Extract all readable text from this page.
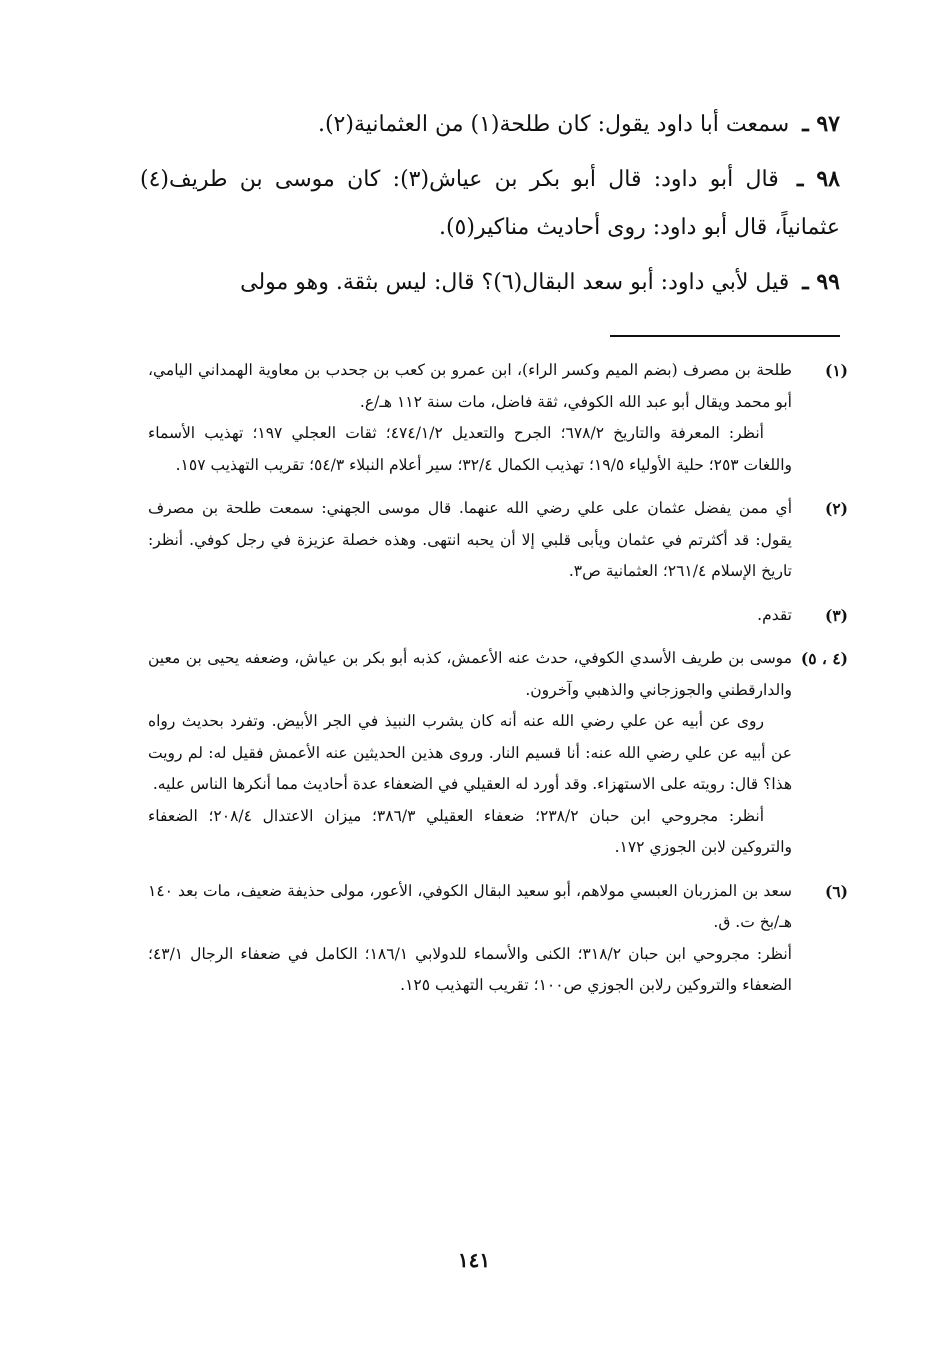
٩٧ ـ سمعت أبا داود يقول: كان طلحة(١) من العثمانية(٢).
٩٨ ـ قال أبو داود: قال أبو بكر بن عياش(٣): كان موسى بن طريف(٤) عثمانياً، قال أبو داود: روى أحاديث مناكير(٥).
٩٩ ـ قيل لأبي داود: أبو سعد البقال(٦)؟ قال: ليس بثقة. وهو مولى
(١)

طلحة بن مصرف (بضم الميم وكسر الراء)، ابن عمرو بن كعب بن جحدب بن معاوية الهمداني اليامي، أبو محمد ويقال أبو عبد الله الكوفي، ثقة فاضل، مات سنة ١١٢ هـ/ع.

أنظر: المعرفة والتاريخ ٦٧٨/٢؛ الجرح والتعديل ٤٧٤/١/٢؛ ثقات العجلي ١٩٧؛ تهذيب الأسماء واللغات ٢٥٣؛ حلية الأولياء ١٩/٥؛ تهذيب الكمال ٣٢/٤؛ سير أعلام النبلاء ٥٤/٣؛ تقريب التهذيب ١٥٧.

(٢)

أي ممن يفضل عثمان على علي رضي الله عنهما. قال موسى الجهني: سمعت طلحة بن مصرف يقول: قد أكثرتم في عثمان ويأبى قلبي إلا أن يحبه انتهى. وهذه خصلة عزيزة في رجل كوفي. أنظر: تاريخ الإسلام ٢٦١/٤؛ العثمانية ص٣.

(٣)

تقدم.

(٤ ، ٥)

موسى بن طريف الأسدي الكوفي، حدث عنه الأعمش، كذبه أبو بكر بن عياش، وضعفه يحيى بن معين والدارقطني والجوزجاني والذهبي وآخرون.

روى عن أبيه عن علي رضي الله عنه أنه كان يشرب النبيذ في الجر الأبيض. وتفرد بحديث رواه عن أبيه عن علي رضي الله عنه: أنا قسيم النار. وروى هذين الحديثين عنه الأعمش فقيل له: لم رويت هذا؟ قال: رويته على الاستهزاء. وقد أورد له العقيلي في الضعفاء عدة أحاديث مما أنكرها الناس عليه.

أنظر: مجروحي ابن حبان ٢٣٨/٢؛ ضعفاء العقيلي ٣٨٦/٣؛ ميزان الاعتدال ٢٠٨/٤؛ الضعفاء والتروكين لابن الجوزي ١٧٢.

(٦)

سعد بن المزربان العبسي مولاهم، أبو سعيد البقال الكوفي، الأعور، مولى حذيفة ضعيف، مات بعد ١٤٠ هـ/بخ ت. ق.

أنظر: مجروحي ابن حبان ٣١٨/٢؛ الكنى والأسماء للدولابي ١٨٦/١؛ الكامل في ضعفاء الرجال ٤٣/١؛ الضعفاء والتروكين رلابن الجوزي ص١٠٠؛ تقريب التهذيب ١٢٥.

١٤١
